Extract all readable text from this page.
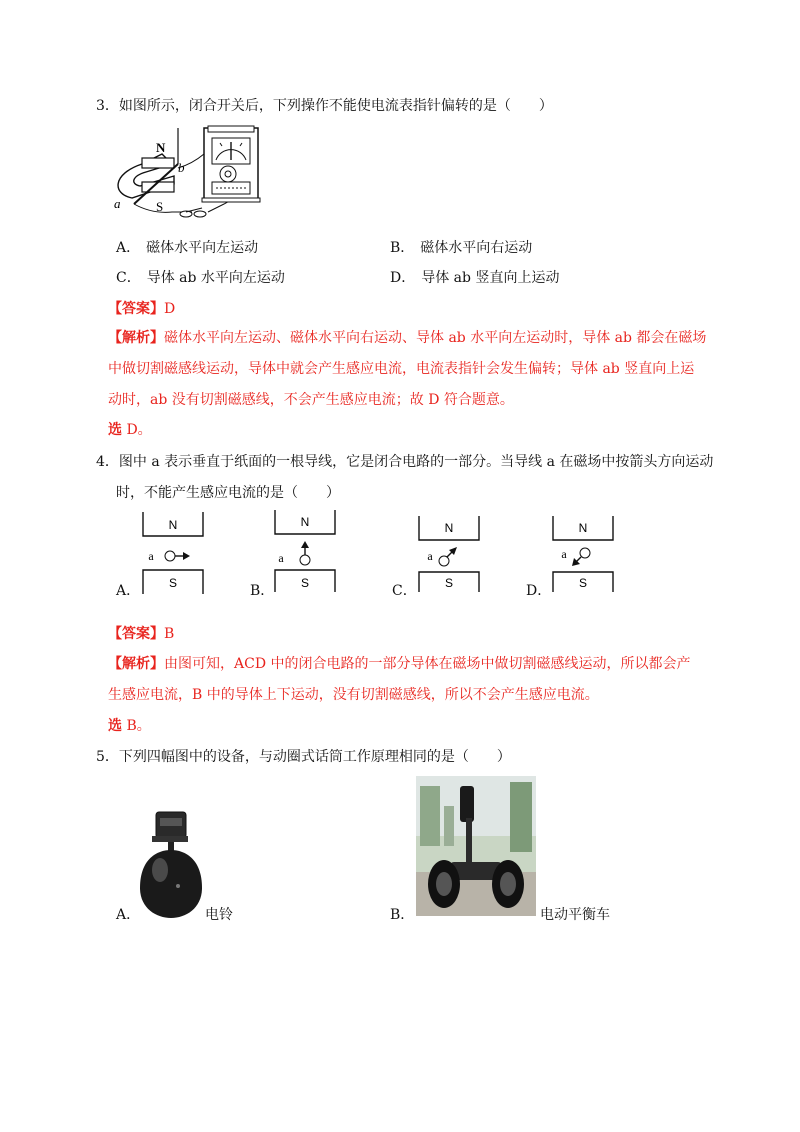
3．如图所示，闭合开关后，下列操作不能使电流表指针偏转的是（　　）
N
S
a
b
A． 磁体水平向左运动	B． 磁体水平向右运动
C． 导体 ab 水平向左运动	D． 导体 ab 竖直向上运动
【答案】D
【解析】磁体水平向左运动、磁体水平向右运动、导体 ab 水平向左运动时，导体 ab 都会在磁场
中做切割磁感线运动，导体中就会产生感应电流，电流表指针会发生偏转；导体 ab 竖直向上运
动时，ab 没有切割磁感线，不会产生感应电流；故 D 符合题意。
选 D。
4．图中 a 表示垂直于纸面的一根导线，它是闭合电路的一部分。当导线 a 在磁场中按箭头方向运动
时，不能产生感应电流的是（　　）
A．
N
a
S	B．
N
a
S	C．
N
a
S	D．
N
a
S
【答案】B
【解析】由图可知，ACD 中的闭合电路的一部分导体在磁场中做切割磁感线运动，所以都会产
生感应电流，B 中的导体上下运动，没有切割磁感线，所以不会产生感应电流。
选 B。
5．下列四幅图中的设备，与动圈式话筒工作原理相同的是（　　）
A．	电铃	B．	电动平衡车
